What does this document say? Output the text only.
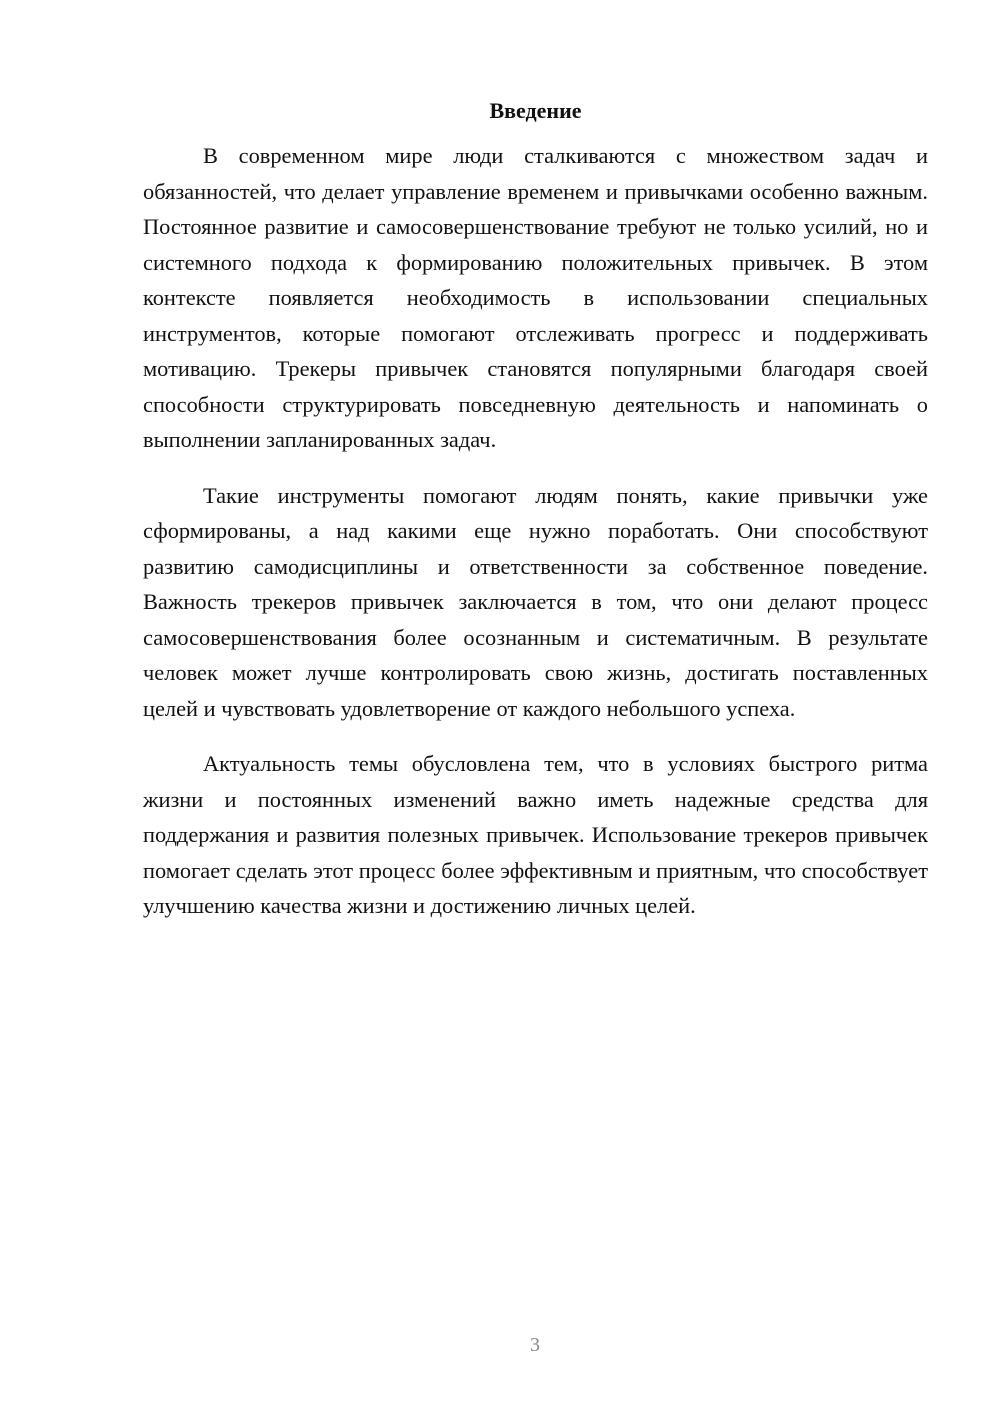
Введение

В современном мире люди сталкиваются с множеством задач и обязанностей, что делает управление временем и привычками особенно важным. Постоянное развитие и самосовершенствование требуют не только усилий, но и системного подхода к формированию положительных привычек. В этом контексте появляется необходимость в использовании специальных инструментов, которые помогают отслеживать прогресс и поддерживать мотивацию. Трекеры привычек становятся популярными благодаря своей способности структурировать повседневную деятельность и напоминать о выполнении запланированных задач.

Такие инструменты помогают людям понять, какие привычки уже сформированы, а над какими еще нужно поработать. Они способствуют развитию самодисциплины и ответственности за собственное поведение. Важность трекеров привычек заключается в том, что они делают процесс самосовершенствования более осознанным и систематичным. В результате человек может лучше контролировать свою жизнь, достигать поставленных целей и чувствовать удовлетворение от каждого небольшого успеха.

Актуальность темы обусловлена тем, что в условиях быстрого ритма жизни и постоянных изменений важно иметь надежные средства для поддержания и развития полезных привычек. Использование трекеров привычек помогает сделать этот процесс более эффективным и приятным, что способствует улучшению качества жизни и достижению личных целей.

3
